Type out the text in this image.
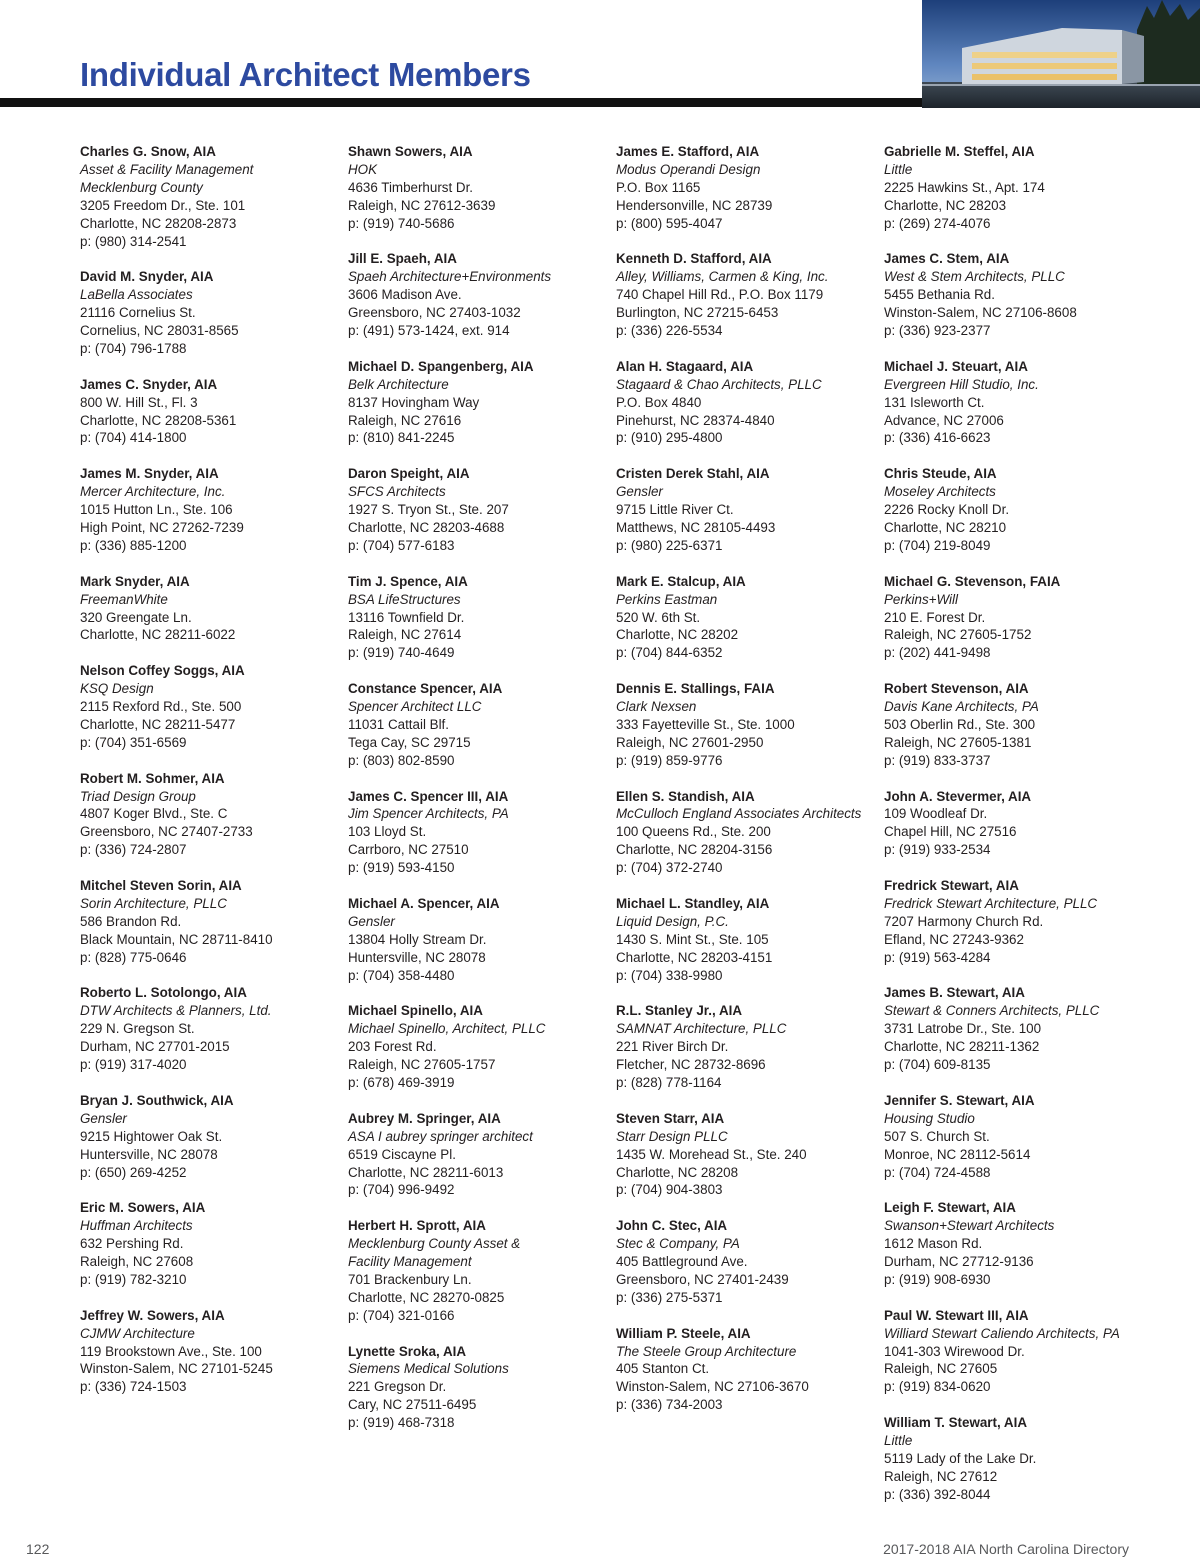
Individual Architect Members
Charles G. Snow, AIA
Asset & Facility Management
Mecklenburg County
3205 Freedom Dr., Ste. 101
Charlotte, NC 28208-2873
p: (980) 314-2541
David M. Snyder, AIA
LaBella Associates
21116 Cornelius St.
Cornelius, NC 28031-8565
p: (704) 796-1788
James C. Snyder, AIA
800 W. Hill St., Fl. 3
Charlotte, NC 28208-5361
p: (704) 414-1800
James M. Snyder, AIA
Mercer Architecture, Inc.
1015 Hutton Ln., Ste. 106
High Point, NC 27262-7239
p: (336) 885-1200
Mark Snyder, AIA
FreemanWhite
320 Greengate Ln.
Charlotte, NC 28211-6022
Nelson Coffey Soggs, AIA
KSQ Design
2115 Rexford Rd., Ste. 500
Charlotte, NC 28211-5477
p: (704) 351-6569
Robert M. Sohmer, AIA
Triad Design Group
4807 Koger Blvd., Ste. C
Greensboro, NC 27407-2733
p: (336) 724-2807
Mitchel Steven Sorin, AIA
Sorin Architecture, PLLC
586 Brandon Rd.
Black Mountain, NC 28711-8410
p: (828) 775-0646
Roberto L. Sotolongo, AIA
DTW Architects & Planners, Ltd.
229 N. Gregson St.
Durham, NC 27701-2015
p: (919) 317-4020
Bryan J. Southwick, AIA
Gensler
9215 Hightower Oak St.
Huntersville, NC 28078
p: (650) 269-4252
Eric M. Sowers, AIA
Huffman Architects
632 Pershing Rd.
Raleigh, NC 27608
p: (919) 782-3210
Jeffrey W. Sowers, AIA
CJMW Architecture
119 Brookstown Ave., Ste. 100
Winston-Salem, NC 27101-5245
p: (336) 724-1503
Shawn Sowers, AIA
HOK
4636 Timberhurst Dr.
Raleigh, NC 27612-3639
p: (919) 740-5686
Jill E. Spaeh, AIA
Spaeh Architecture+Environments
3606 Madison Ave.
Greensboro, NC 27403-1032
p: (491) 573-1424, ext. 914
Michael D. Spangenberg, AIA
Belk Architecture
8137 Hovingham Way
Raleigh, NC 27616
p: (810) 841-2245
Daron Speight, AIA
SFCS Architects
1927 S. Tryon St., Ste. 207
Charlotte, NC 28203-4688
p: (704) 577-6183
Tim J. Spence, AIA
BSA LifeStructures
13116 Townfield Dr.
Raleigh, NC 27614
p: (919) 740-4649
Constance Spencer, AIA
Spencer Architect LLC
11031 Cattail Blf.
Tega Cay, SC 29715
p: (803) 802-8590
James C. Spencer III, AIA
Jim Spencer Architects, PA
103 Lloyd St.
Carrboro, NC 27510
p: (919) 593-4150
Michael A. Spencer, AIA
Gensler
13804 Holly Stream Dr.
Huntersville, NC 28078
p: (704) 358-4480
Michael Spinello, AIA
Michael Spinello, Architect, PLLC
203 Forest Rd.
Raleigh, NC 27605-1757
p: (678) 469-3919
Aubrey M. Springer, AIA
ASA I aubrey springer architect
6519 Ciscayne Pl.
Charlotte, NC 28211-6013
p: (704) 996-9492
Herbert H. Sprott, AIA
Mecklenburg County Asset &
Facility Management
701 Brackenbury Ln.
Charlotte, NC 28270-0825
p: (704) 321-0166
Lynette Sroka, AIA
Siemens Medical Solutions
221 Gregson Dr.
Cary, NC 27511-6495
p: (919) 468-7318
James E. Stafford, AIA
Modus Operandi Design
P.O. Box 1165
Hendersonville, NC 28739
p: (800) 595-4047
Kenneth D. Stafford, AIA
Alley, Williams, Carmen & King, Inc.
740 Chapel Hill Rd., P.O. Box 1179
Burlington, NC 27215-6453
p: (336) 226-5534
Alan H. Stagaard, AIA
Stagaard & Chao Architects, PLLC
P.O. Box 4840
Pinehurst, NC 28374-4840
p: (910) 295-4800
Cristen Derek Stahl, AIA
Gensler
9715 Little River Ct.
Matthews, NC 28105-4493
p: (980) 225-6371
Mark E. Stalcup, AIA
Perkins Eastman
520 W. 6th St.
Charlotte, NC 28202
p: (704) 844-6352
Dennis E. Stallings, FAIA
Clark Nexsen
333 Fayetteville St., Ste. 1000
Raleigh, NC 27601-2950
p: (919) 859-9776
Ellen S. Standish, AIA
McCulloch England Associates Architects
100 Queens Rd., Ste. 200
Charlotte, NC 28204-3156
p: (704) 372-2740
Michael L. Standley, AIA
Liquid Design, P.C.
1430 S. Mint St., Ste. 105
Charlotte, NC 28203-4151
p: (704) 338-9980
R.L. Stanley Jr., AIA
SAMNAT Architecture, PLLC
221 River Birch Dr.
Fletcher, NC 28732-8696
p: (828) 778-1164
Steven Starr, AIA
Starr Design PLLC
1435 W. Morehead St., Ste. 240
Charlotte, NC 28208
p: (704) 904-3803
John C. Stec, AIA
Stec & Company, PA
405 Battleground Ave.
Greensboro, NC 27401-2439
p: (336) 275-5371
William P. Steele, AIA
The Steele Group Architecture
405 Stanton Ct.
Winston-Salem, NC 27106-3670
p: (336) 734-2003
Gabrielle M. Steffel, AIA
Little
2225 Hawkins St., Apt. 174
Charlotte, NC 28203
p: (269) 274-4076
James C. Stem, AIA
West & Stem Architects, PLLC
5455 Bethania Rd.
Winston-Salem, NC 27106-8608
p: (336) 923-2377
Michael J. Steuart, AIA
Evergreen Hill Studio, Inc.
131 Isleworth Ct.
Advance, NC 27006
p: (336) 416-6623
Chris Steude, AIA
Moseley Architects
2226 Rocky Knoll Dr.
Charlotte, NC 28210
p: (704) 219-8049
Michael G. Stevenson, FAIA
Perkins+Will
210 E. Forest Dr.
Raleigh, NC 27605-1752
p: (202) 441-9498
Robert Stevenson, AIA
Davis Kane Architects, PA
503 Oberlin Rd., Ste. 300
Raleigh, NC 27605-1381
p: (919) 833-3737
John A. Stevermer, AIA
109 Woodleaf Dr.
Chapel Hill, NC 27516
p: (919) 933-2534
Fredrick Stewart, AIA
Fredrick Stewart Architecture, PLLC
7207 Harmony Church Rd.
Efland, NC 27243-9362
p: (919) 563-4284
James B. Stewart, AIA
Stewart & Conners Architects, PLLC
3731 Latrobe Dr., Ste. 100
Charlotte, NC 28211-1362
p: (704) 609-8135
Jennifer S. Stewart, AIA
Housing Studio
507 S. Church St.
Monroe, NC 28112-5614
p: (704) 724-4588
Leigh F. Stewart, AIA
Swanson+Stewart Architects
1612 Mason Rd.
Durham, NC 27712-9136
p: (919) 908-6930
Paul W. Stewart III, AIA
Williard Stewart Caliendo Architects, PA
1041-303 Wirewood Dr.
Raleigh, NC 27605
p: (919) 834-0620
William T. Stewart, AIA
Little
5119 Lady of the Lake Dr.
Raleigh, NC 27612
p: (336) 392-8044
122	2017-2018 AIA North Carolina Directory
